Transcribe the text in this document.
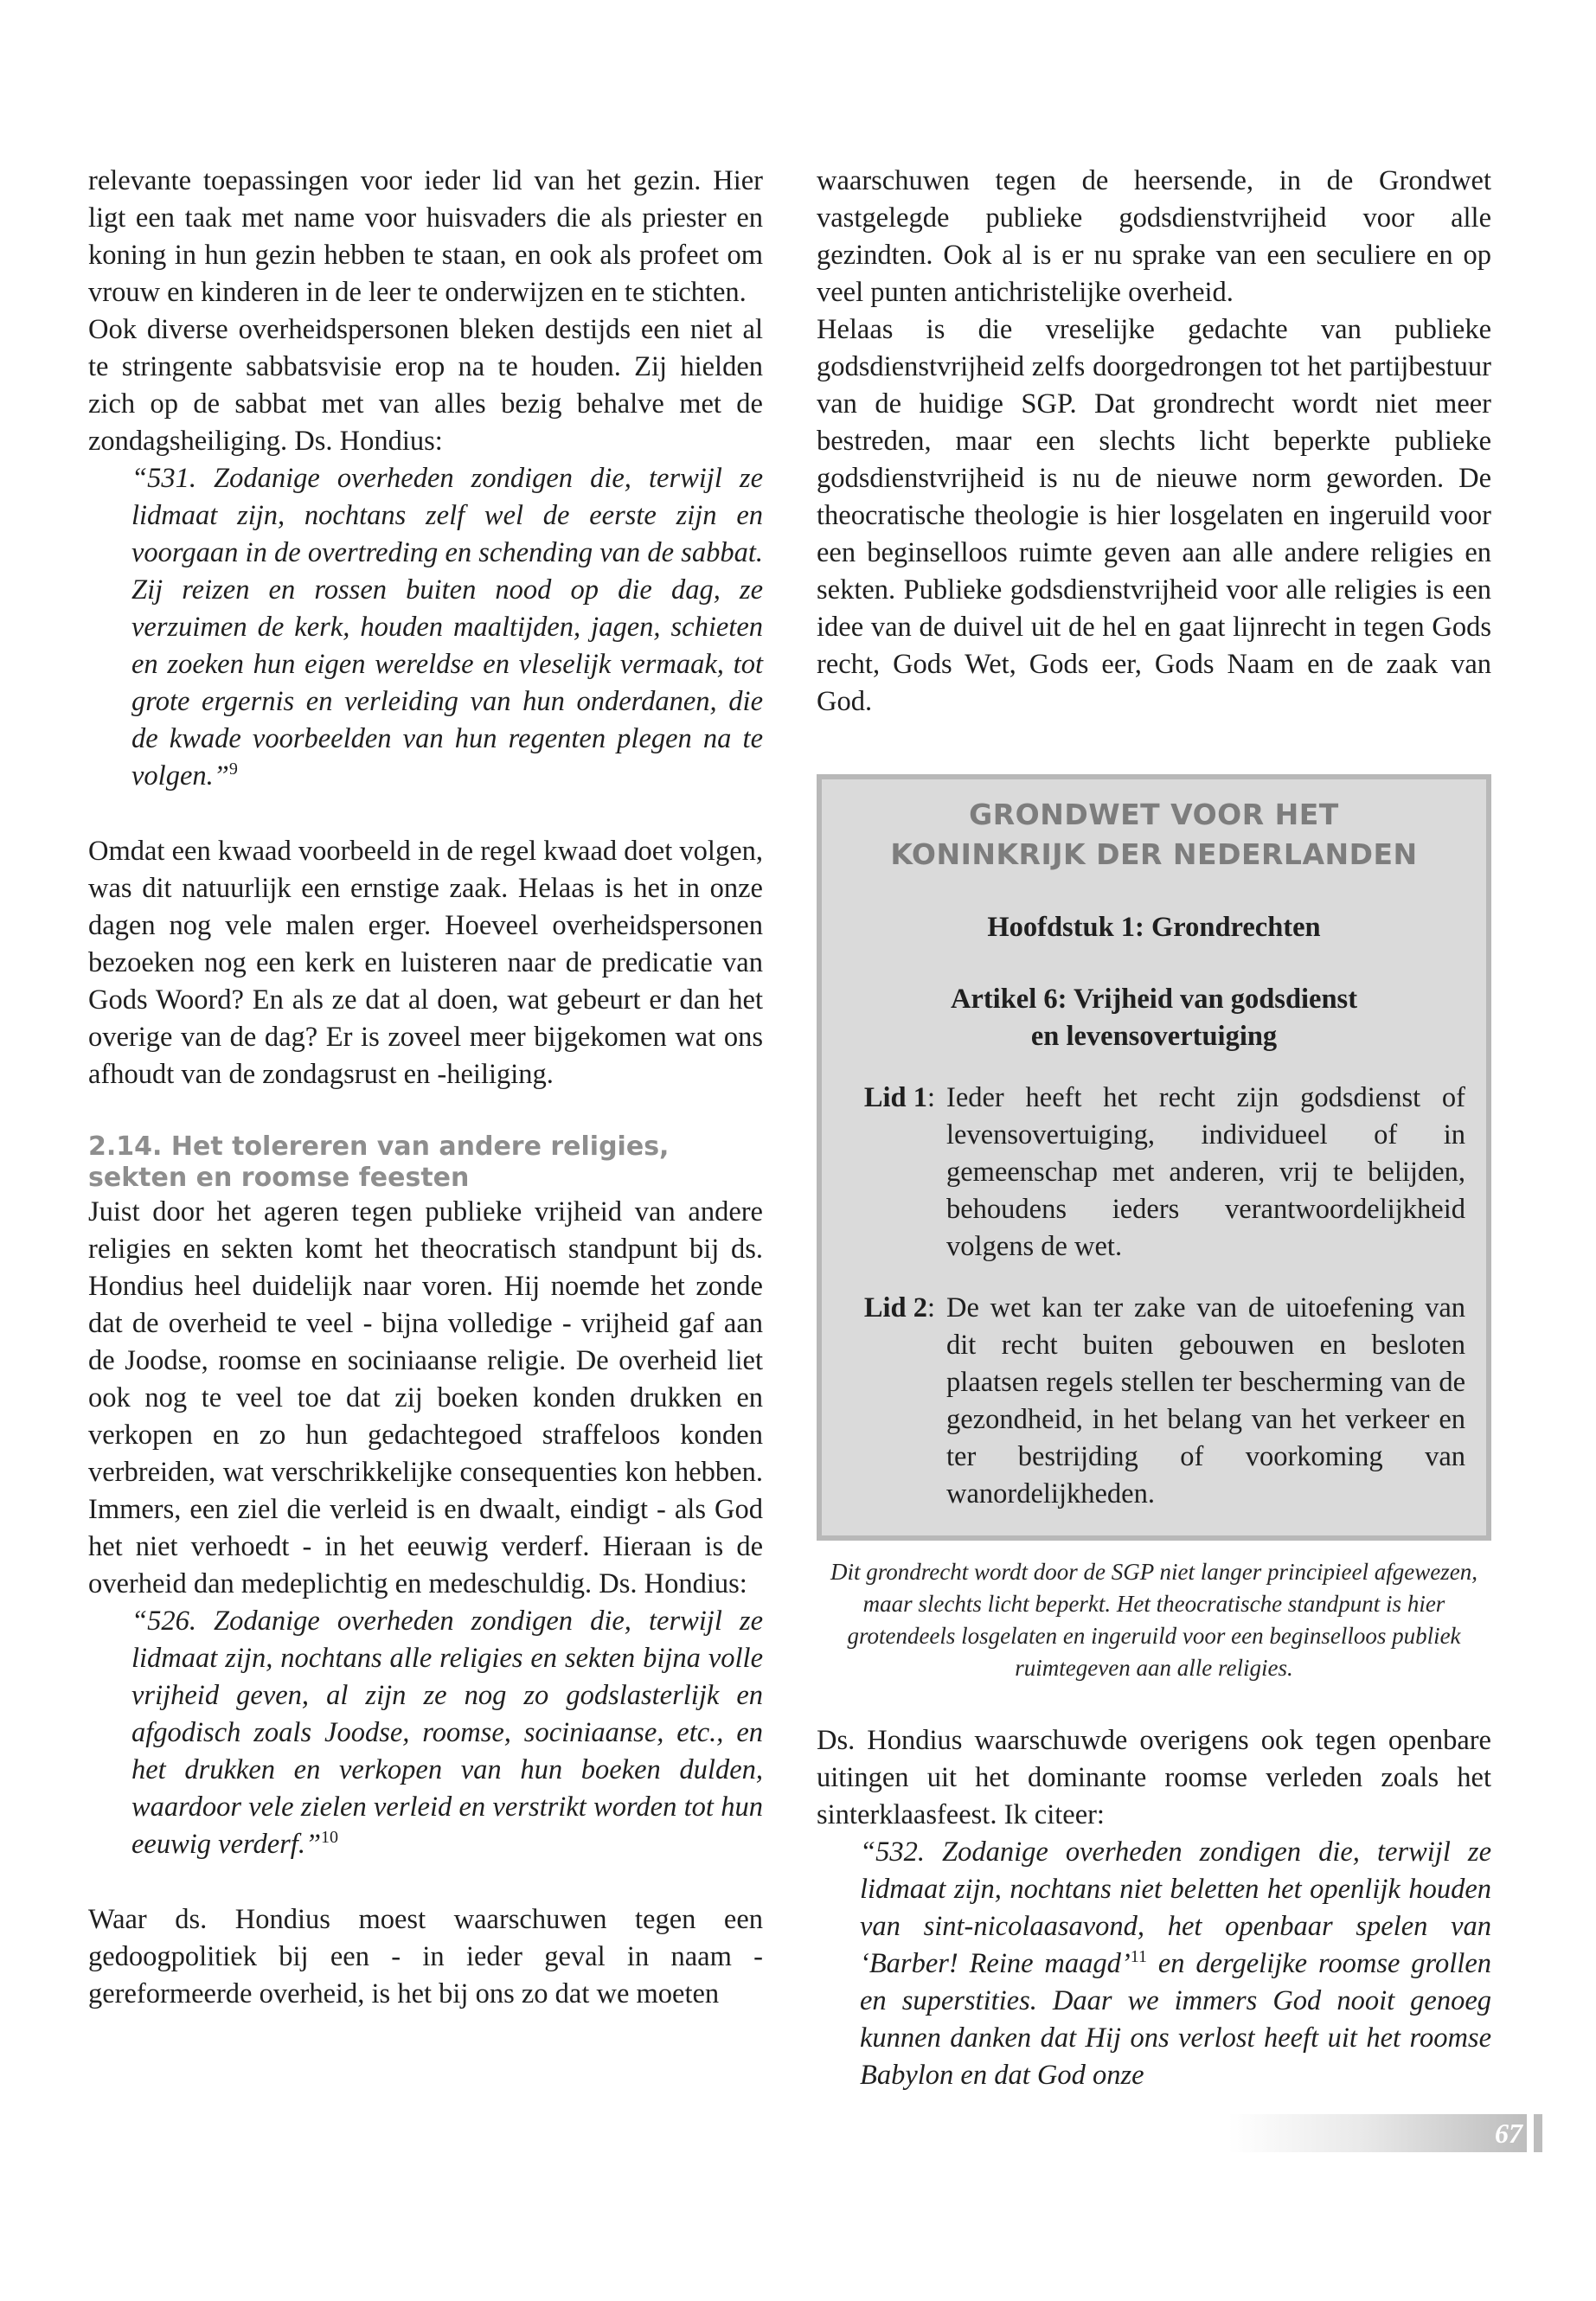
relevante toepassingen voor ieder lid van het gezin. Hier ligt een taak met name voor huisvaders die als priester en koning in hun gezin hebben te staan, en ook als profeet om vrouw en kinderen in de leer te onderwijzen en te stichten.

Ook diverse overheidspersonen bleken destijds een niet al te stringente sabbatsvisie erop na te houden. Zij hielden zich op de sabbat met van alles bezig behalve met de zondagsheiliging. Ds. Hondius:

“531. Zodanige overheden zondigen die, terwijl ze lidmaat zijn, nochtans zelf wel de eerste zijn en voorgaan in de overtreding en schending van de sabbat. Zij reizen en rossen buiten nood op die dag, ze verzuimen de kerk, houden maaltijden, jagen, schieten en zoeken hun eigen wereldse en vleselijk vermaak, tot grote ergernis en verleiding van hun onderdanen, die de kwade voorbeelden van hun regenten plegen na te volgen.”$^9$

Omdat een kwaad voorbeeld in de regel kwaad doet volgen, was dit natuurlijk een ernstige zaak. Helaas is het in onze dagen nog vele malen erger. Hoeveel overheidspersonen bezoeken nog een kerk en luisteren naar de predicatie van Gods Woord? En als ze dat al doen, wat gebeurt er dan het overige van de dag? Er is zoveel meer bijgekomen wat ons afhoudt van de zondagsrust en -heiliging.

2.14. Het tolereren van andere religies, sekten en roomse feesten

Juist door het ageren tegen publieke vrijheid van andere religies en sekten komt het theocratisch standpunt bij ds. Hondius heel duidelijk naar voren. Hij noemde het zonde dat de overheid te veel - bijna volledige - vrijheid gaf aan de Joodse, roomse en sociniaanse religie. De overheid liet ook nog te veel toe dat zij boeken konden drukken en verkopen en zo hun gedachtegoed straffeloos konden verbreiden, wat verschrikkelijke consequenties kon hebben. Immers, een ziel die verleid is en dwaalt, eindigt - als God het niet verhoedt - in het eeuwig verderf. Hieraan is de overheid dan medeplichtig en medeschuldig. Ds. Hondius:

“526. Zodanige overheden zondigen die, terwijl ze lidmaat zijn, nochtans alle religies en sekten bijna volle vrijheid geven, al zijn ze nog zo godslasterlijk en afgodisch zoals Joodse, roomse, sociniaanse, etc., en het drukken en verkopen van hun boeken dulden, waardoor vele zielen verleid en verstrikt worden tot hun eeuwig verderf.”$^{10}$

Waar ds. Hondius moest waarschuwen tegen een gedoogpolitiek bij een - in ieder geval in naam - gereformeerde overheid, is het bij ons zo dat we moeten

waarschuwen tegen de heersende, in de Grondwet vastgelegde publieke godsdienstvrijheid voor alle gezindten. Ook al is er nu sprake van een seculiere en op veel punten antichristelijke overheid.

Helaas is die vreselijke gedachte van publieke godsdienstvrijheid zelfs doorgedrongen tot het partijbestuur van de huidige SGP. Dat grondrecht wordt niet meer bestreden, maar een slechts licht beperkte publieke godsdienstvrijheid is nu de nieuwe norm geworden. De theocratische theologie is hier losgelaten en ingeruild voor een beginselloos ruimte geven aan alle andere religies en sekten. Publieke godsdienstvrijheid voor alle religies is een idee van de duivel uit de hel en gaat lijnrecht in tegen Gods recht, Gods Wet, Gods eer, Gods Naam en de zaak van God.

GRONDWET VOOR HET
KONINKRIJK DER NEDERLANDEN
Hoofdstuk 1: Grondrechten
Artikel 6: Vrijheid van godsdienst
en levensovertuiging
Lid 1 : Ieder heeft het recht zijn godsdienst of levensovertuiging, individueel of in gemeenschap met anderen, vrij te belijden, behoudens ieders verantwoordelijkheid volgens de wet.
Lid 2 : De wet kan ter zake van de uitoefening van dit recht buiten gebouwen en besloten plaatsen regels stellen ter bescherming van de gezondheid, in het belang van het verkeer en ter bestrijding of voorkoming van wanordelijkheden.

Dit grondrecht wordt door de SGP niet langer principieel afgewezen, maar slechts licht beperkt. Het theocratische standpunt is hier grotendeels losgelaten en ingeruild voor een beginselloos publiek ruimtegeven aan alle religies.

Ds. Hondius waarschuwde overigens ook tegen openbare uitingen uit het dominante roomse verleden zoals het sinterklaasfeest. Ik citeer:

“532. Zodanige overheden zondigen die, terwijl ze lidmaat zijn, nochtans niet beletten het openlijk houden van sint-nicolaasavond, het openbaar spelen van ‘Barber! Reine maagd’$^{11}$ en dergelijke roomse grollen en superstities. Daar we immers God nooit genoeg kunnen danken dat Hij ons verlost heeft uit het roomse Babylon en dat God onze

67
